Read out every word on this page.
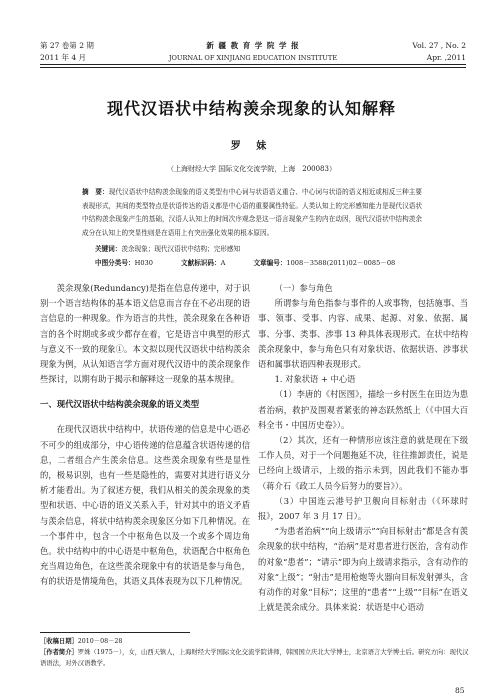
第 27 卷第 2 期
2011 年 4 月
新 疆 教 育 学 院 学 报
JOURNAL OF XINJIANG EDUCATION INSTITUTE
Vol. 27 , No. 2
Apr. ,2011
现代汉语状中结构羡余现象的认知解释
罗 妹
（上海财经大学 国际文化交流学院，上海　200083）
摘　要：现代汉语状中结构羡余现象的语义类型有中心词与状语语义重合、中心词与状语的语义相近或相反三种主要表现形式，其间的类型特点是状语传达的语义都是中心语的重要属性特征。人类认知上的完形感知能力是现代汉语状中结构羡余现象产生的基础，汉语人认知上的时间次序观念是这一语言现象产生的内在动因，现代汉语状中结构羡余成分在认知上的突显性则是在语用上有突出强化效果的根本原因。
关键词：羡余现象；现代汉语状中结构；完形感知
中图分类号：H030	文献标识码：A	文章编号：1008－3588(2011)02－0085－08

羡余现象(Redundancy)是指在信息传递中，对于识别一个语言结构体的基本语义信息而言存在不必出现的语言信息的一种现象。作为语言的共性，羡余现象在各种语言的各个时期或多或少都存在着，它是语言中典型的形式与意义不一致的现象①。本文拟以现代汉语状中结构羡余现象为例，从认知语言学方面对现代汉语中的羡余现象作些探讨，以期有助于揭示和解释这一现象的基本规律。

一、现代汉语状中结构羡余现象的语义类型

在现代汉语状中结构中，状语传递的信息是中心语必不可少的组成部分，中心语传递的信息蕴含状语传递的信息，二者组合产生羡余信息。这些羡余现象有些是显性的，极易识别，也有一些是隐性的，需要对其进行语义分析才能看出。为了叙述方便，我们从相关的羡余现象的类型和状语、中心语的语义关系入手，针对其中的语义矛盾与羡余信息，将状中结构羡余现象区分如下几种情况。在一个事件中，包含一个中枢角色以及一个或多个周边角色。状中结构中的中心语是中枢角色，状语配合中枢角色充当周边角色，在这些羡余现象中有的状语是参与角色，有的状语是情境角色，其语义具体表现为以下几种情况。

（一）参与角色

所谓参与角色指参与事件的人或事物，包括施事、当事、领事、受事、内容、成果、起源、对象、依据、属事、分事、类事、涉事 13 种具体表现形式。在状中结构羡余现象中，参与角色只有对象状语、依据状语、涉事状语和属事状语四种表现形式。

1. 对象状语 + 中心语

（1）李唐的《村医图》，描绘一乡村医生在田边为患者治病，救护及围观者紧张的神态跃然纸上（《中国大百科全书・中国历史卷》）。

（2）其次，还有一种情形应该注意的就是现在下级工作人员，对于一个问题拖延不决，往往推卸责任，说是已经向上级请示，上级的指示未到，因此我们不能办事（蒋介石《政工人员今后努力的要旨》）。

（3）中国连云港号护卫舰向目标射击（《环球时报》，2007 年 3 月 17 日）。

“为患者治病”“向上级请示”“向目标射击”都是含有羡余现象的状中结构，“治病”是对患者进行医治，含有动作的对象“患者”；“请示”即为向上级请求指示，含有动作的对象“上级”；“射击”是用枪炮等火器向目标发射弹头，含有动作的对象“目标”；这里的“患者”“上级”“目标”在语义上就是羡余成分。具体来说：状语是中心语动

［收稿日期］2010－08－28
［作者简介］罗姝（1975－），女，山西天镇人，上海财经大学国际文化交流学院讲师，韩国国立庆北大学博士，北京语言大学博士后。研究方向：现代汉语语法，对外汉语教学。
85
